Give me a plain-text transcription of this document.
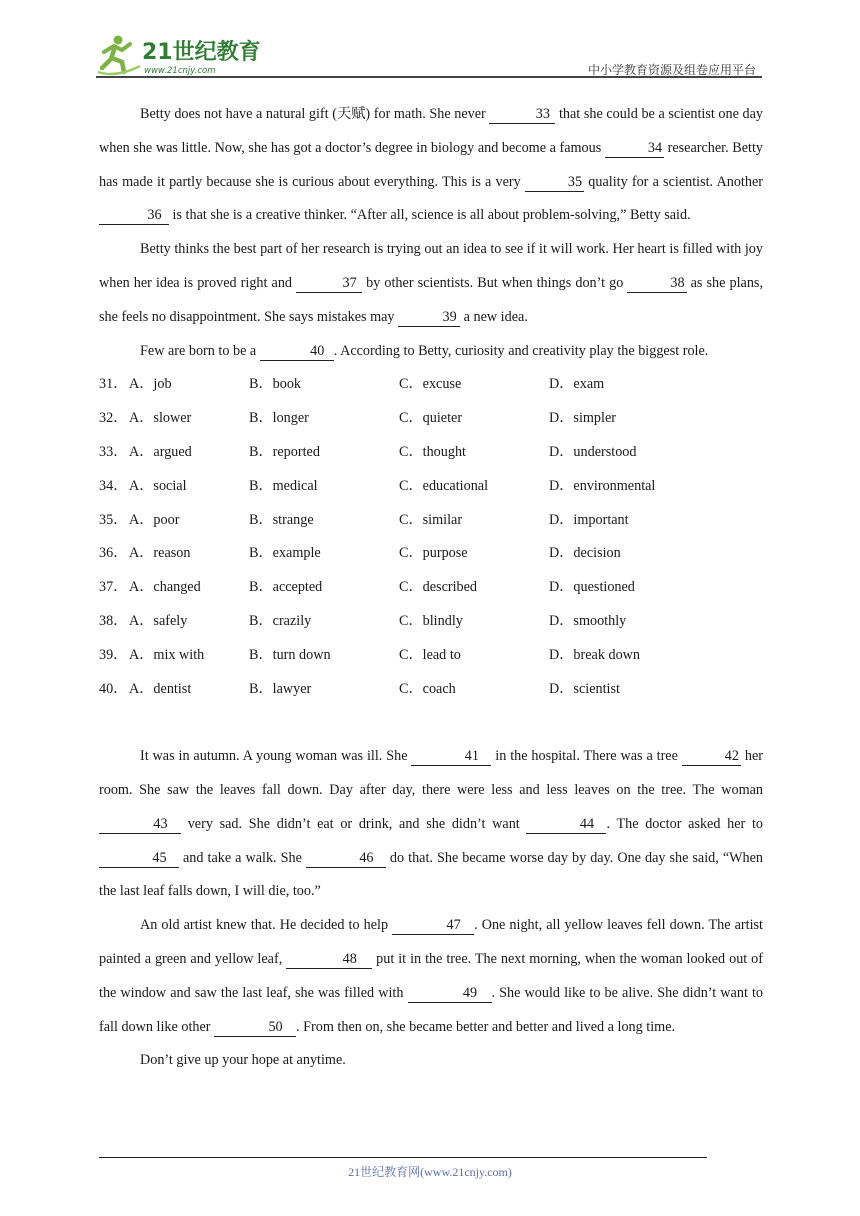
21世纪教育
www.21cnjy.com	中小学教育资源及组卷应用平台

Betty does not have a natural gift (天赋) for math. She never	33 that she could be a scientist one day when she was little. Now, she has got a doctor’s degree in biology and become a famous	34 researcher. Betty has made it partly because she is curious about everything. This is a very	35 quality for a scientist. Another 36 is that she is a creative thinker. “After all, science is all about problem-solving,” Betty said.

Betty thinks the best part of her research is trying out an idea to see if it will work. Her heart is filled with joy when her idea is proved right and	37 by other scientists. But when things don’t go	38 as she plans, she feels no disappointment. She says mistakes may	39 a new idea.

Few are born to be a	40 . According to Betty, curiosity and creativity play the biggest role.

31．	A．job	B．book	C．excuse	D．exam
32．	A．slower	B．longer	C．quieter	D．simpler
33．	A．argued	B．reported	C．thought	D．understood
34．	A．social	B．medical	C．educational	D．environmental
35．	A．poor	B．strange	C．similar	D．important
36．	A．reason	B．example	C．purpose	D．decision
37．	A．changed	B．accepted	C．described	D．questioned
38．	A．safely	B．crazily	C．blindly	D．smoothly
39．	A．mix with	B．turn down	C．lead to	D．break down
40．	A．dentist	B．lawyer	C．coach	D．scientist

It was in autumn. A young woman was ill. She	41 in the hospital. There was a tree	42 her room. She saw the leaves fall down. Day after day, there were less and less leaves on the tree. The woman 43 very sad. She didn’t eat or drink, and she didn’t want	44 . The doctor asked her to 45 and take a walk. She	46 do that. She became worse day by day. One day she said, “When the last leaf falls down, I will die, too.”

An old artist knew that. He decided to help	47 . One night, all yellow leaves fell down. The artist painted a green and yellow leaf,	48 put it in the tree. The next morning, when the woman looked out of the window and saw the last leaf, she was filled with	49 . She would like to be alive. She didn’t want to fall down like other	50 . From then on, she became better and better and lived a long time.

Don’t give up your hope at anytime.

21世纪教育网(www.21cnjy.com)
